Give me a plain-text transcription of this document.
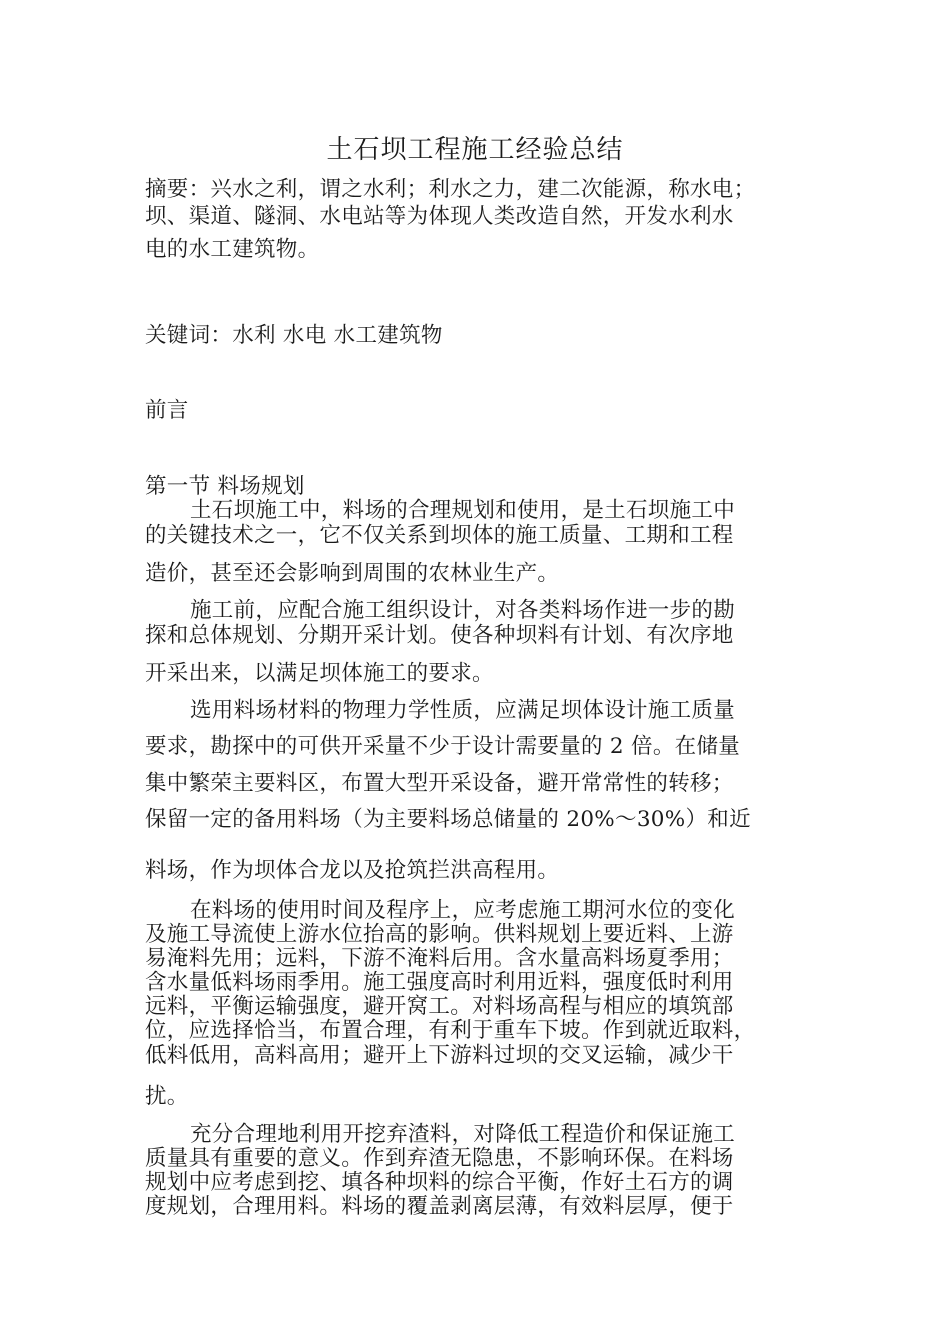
土石坝工程施工经验总结
摘要：兴水之利，谓之水利；利水之力，建二次能源，称水电；
坝、渠道、隧洞、水电站等为体现人类改造自然，开发水利水
电的水工建筑物。
关键词：水利 水电 水工建筑物
前言
第一节 料场规划
土石坝施工中，料场的合理规划和使用，是土石坝施工中
的关键技术之一，它不仅关系到坝体的施工质量、工期和工程
造价，甚至还会影响到周围的农林业生产。
施工前，应配合施工组织设计，对各类料场作进一步的勘
探和总体规划、分期开采计划。使各种坝料有计划、有次序地
开采出来，以满足坝体施工的要求。
选用料场材料的物理力学性质，应满足坝体设计施工质量
要求，勘探中的可供开采量不少于设计需要量的 2 倍。在储量
集中繁荣主要料区，布置大型开采设备，避开常常性的转移；
保留一定的备用料场（为主要料场总储量的 20%～30%）和近
料场，作为坝体合龙以及抢筑拦洪高程用。
在料场的使用时间及程序上，应考虑施工期河水位的变化
及施工导流使上游水位抬高的影响。供料规划上要近料、上游
易淹料先用；远料，下游不淹料后用。含水量高料场夏季用；
含水量低料场雨季用。施工强度高时利用近料，强度低时利用
远料，平衡运输强度，避开窝工。对料场高程与相应的填筑部
位，应选择恰当，布置合理，有利于重车下坡。作到就近取料，
低料低用，高料高用；避开上下游料过坝的交叉运输，减少干
扰。
充分合理地利用开挖弃渣料，对降低工程造价和保证施工
质量具有重要的意义。作到弃渣无隐患，不影响环保。在料场
规划中应考虑到挖、填各种坝料的综合平衡，作好土石方的调
度规划，合理用料。料场的覆盖剥离层薄，有效料层厚，便于
